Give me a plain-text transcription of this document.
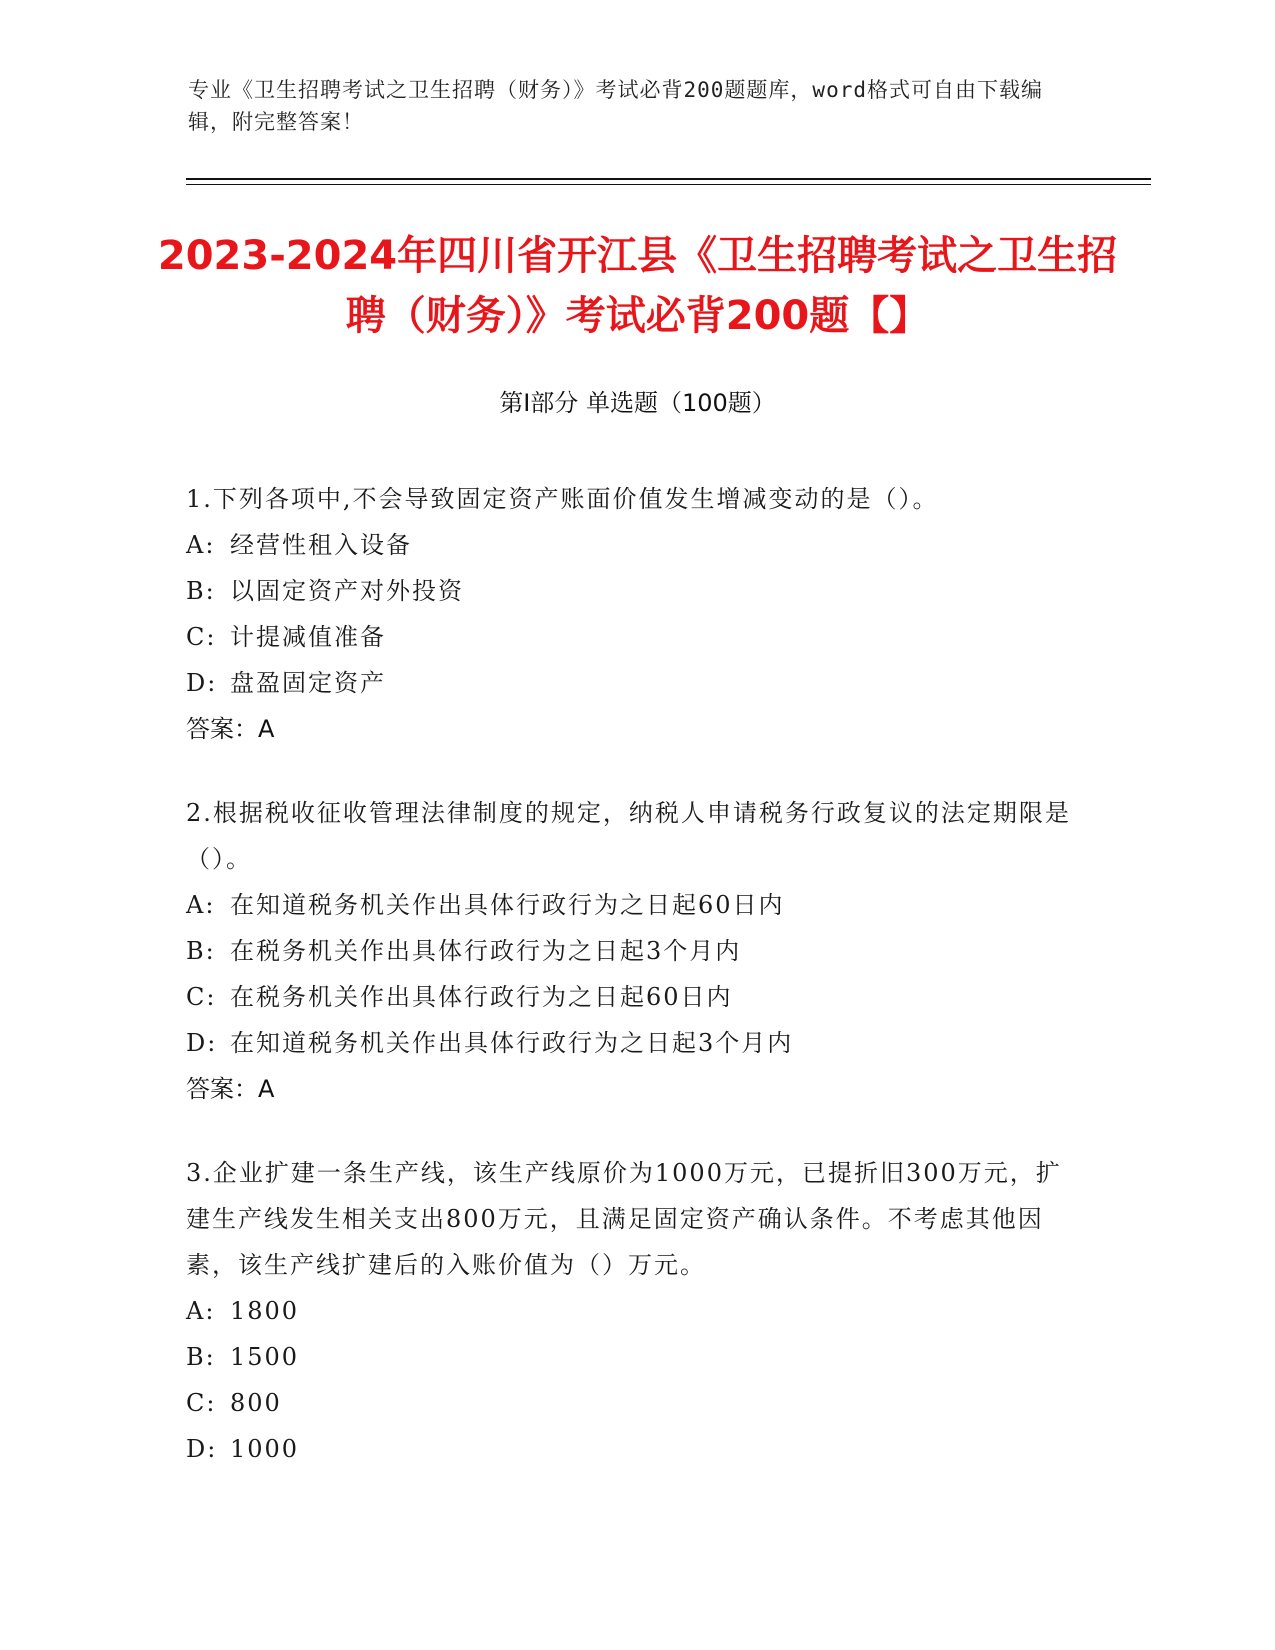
专业《卫生招聘考试之卫生招聘（财务）》考试必背200题题库，word格式可自由下载编辑，附完整答案！
2023-2024年四川省开江县《卫生招聘考试之卫生招聘（财务）》考试必背200题【】
第Ⅰ部分 单选题（100题）
1.下列各项中,不会导致固定资产账面价值发生增减变动的是（）。
A: 经营性租入设备
B: 以固定资产对外投资
C: 计提减值准备
D: 盘盈固定资产
答案：A
2.根据税收征收管理法律制度的规定，纳税人申请税务行政复议的法定期限是（）。
A: 在知道税务机关作出具体行政行为之日起60日内
B: 在税务机关作出具体行政行为之日起3个月内
C: 在税务机关作出具体行政行为之日起60日内
D: 在知道税务机关作出具体行政行为之日起3个月内
答案：A
3.企业扩建一条生产线，该生产线原价为1000万元，已提折旧300万元，扩建生产线发生相关支出800万元，且满足固定资产确认条件。不考虑其他因素，该生产线扩建后的入账价值为（）万元。
A: 1800
B: 1500
C: 800
D: 1000
